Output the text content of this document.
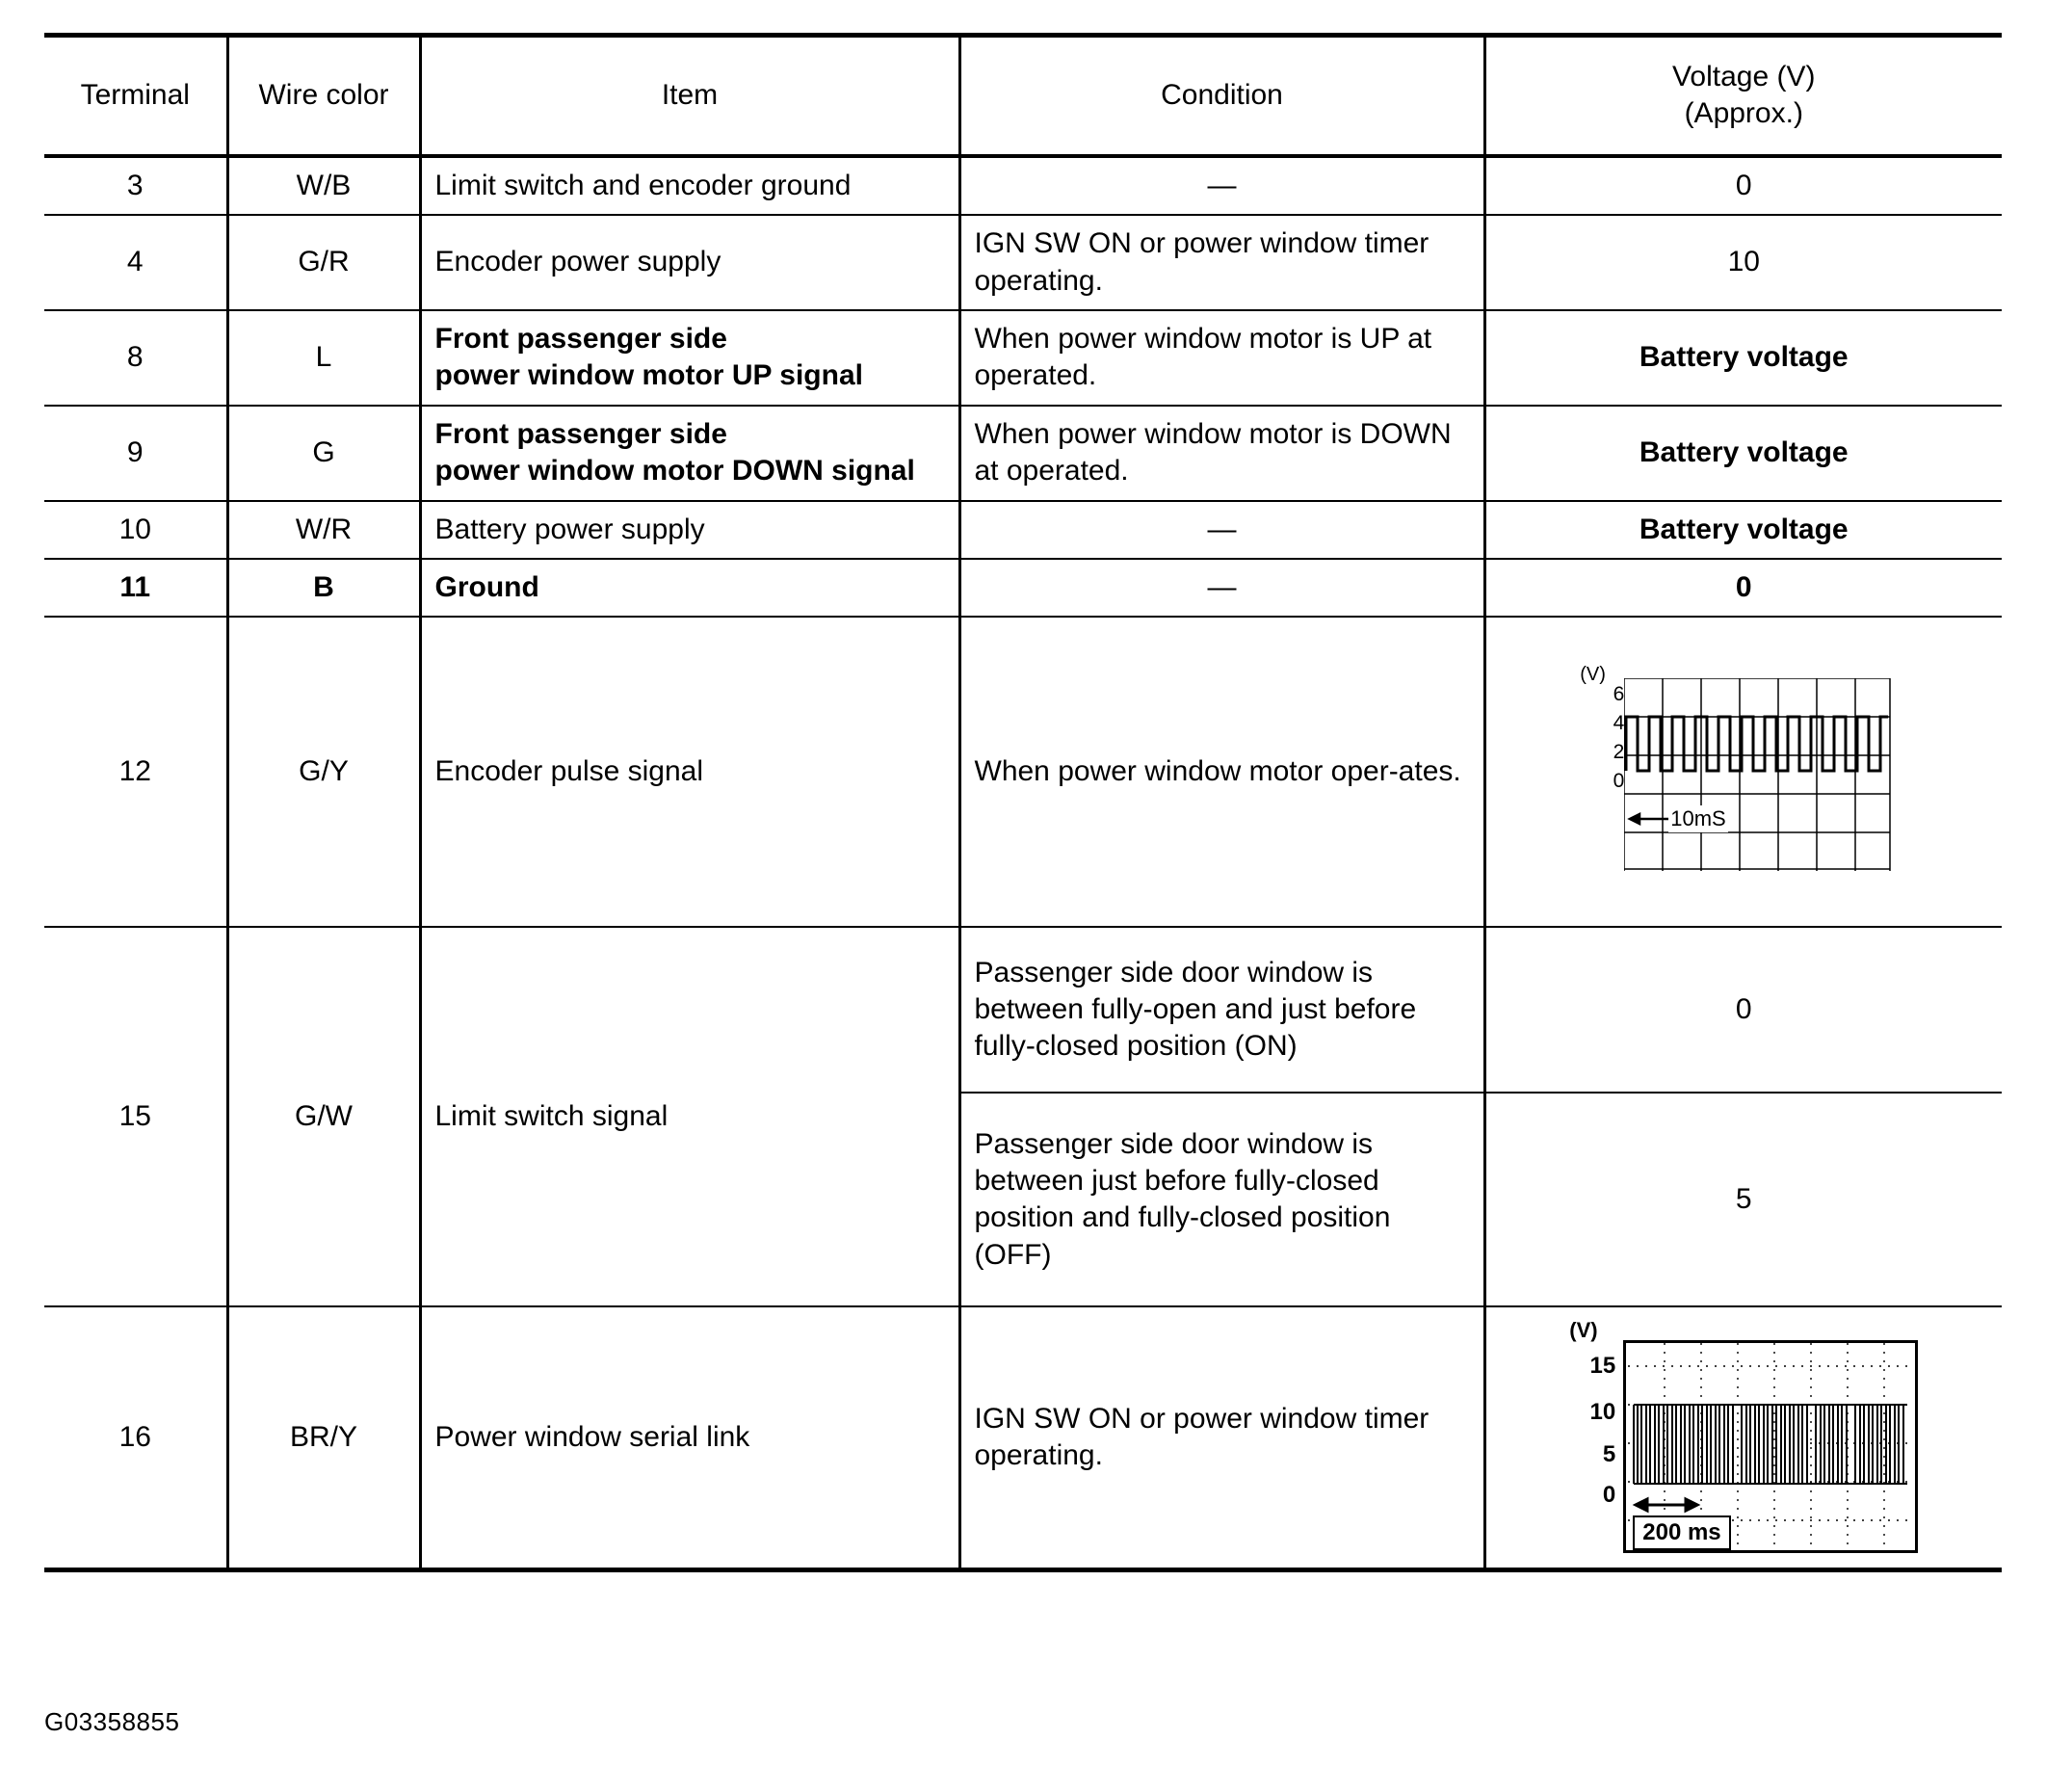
Terminal	Wire color	Item	Condition	Voltage (V)
(Approx.)

3	W/B	Limit switch and encoder ground	—	0
4	G/R	Encoder power supply	IGN SW ON or power window timer operating.	10
8	L	Front passenger side
power window motor UP signal	When power window motor is UP at operated.	Battery voltage
9	G	Front passenger side
power window motor DOWN signal	When power window motor is DOWN at operated.	Battery voltage
10	W/R	Battery power supply	—	Battery voltage
11	B	Ground	—	0
12	G/Y	Encoder pulse signal	When power window motor oper-ates.	
(V)
6
4
2
0
10mS

15	G/W	Limit switch signal	Passenger side door window is between fully-open and just before fully-closed position (ON)	0
			Passenger side door window is between just before fully-closed position and fully-closed position (OFF)	5
16	BR/Y	Power window serial link	IGN SW ON or power window timer operating.	
(V)
15
10
5
0
200 ms
G03358855
